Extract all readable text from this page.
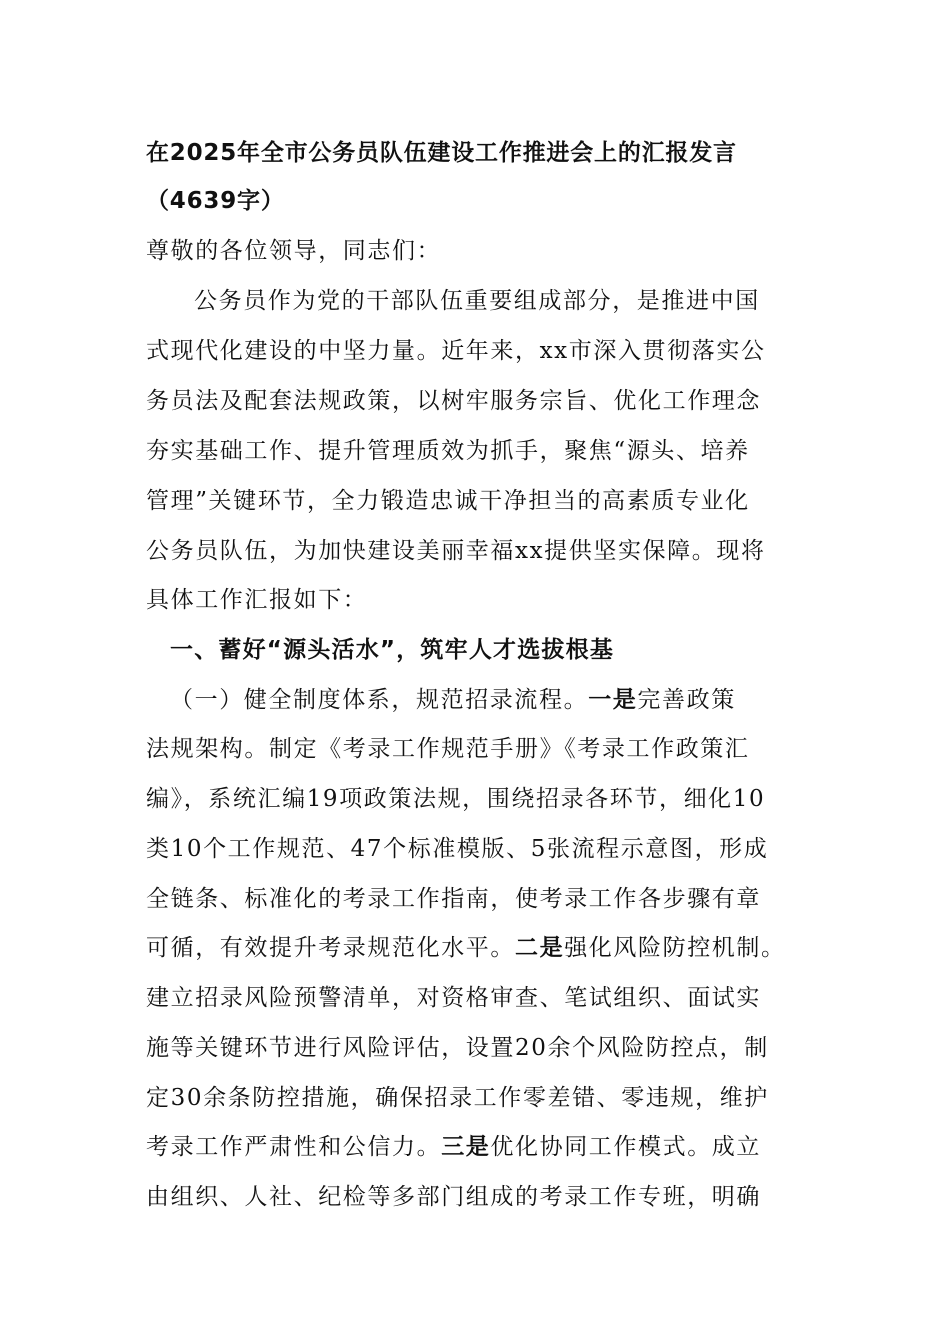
在2025年全市公务员队伍建设工作推进会上的汇报发言
（4639字）
尊敬的各位领导，同志们：
公务员作为党的干部队伍重要组成部分，是推进中国
式现代化建设的中坚力量。近年来，xx市深入贯彻落实公
务员法及配套法规政策，以树牢服务宗旨、优化工作理念
夯实基础工作、提升管理质效为抓手，聚焦“源头、培养
管理”关键环节，全力锻造忠诚干净担当的高素质专业化
公务员队伍，为加快建设美丽幸福xx提供坚实保障。现将
具体工作汇报如下：
一、蓄好“源头活水”，筑牢人才选拔根基
（一）健全制度体系，规范招录流程。一是完善政策
法规架构。制定《考录工作规范手册》《考录工作政策汇
编》，系统汇编19项政策法规，围绕招录各环节，细化10
类10个工作规范、47个标准模版、5张流程示意图，形成
全链条、标准化的考录工作指南，使考录工作各步骤有章
可循，有效提升考录规范化水平。二是强化风险防控机制。
建立招录风险预警清单，对资格审查、笔试组织、面试实
施等关键环节进行风险评估，设置20余个风险防控点，制
定30余条防控措施，确保招录工作零差错、零违规，维护
考录工作严肃性和公信力。三是优化协同工作模式。成立
由组织、人社、纪检等多部门组成的考录工作专班，明确
